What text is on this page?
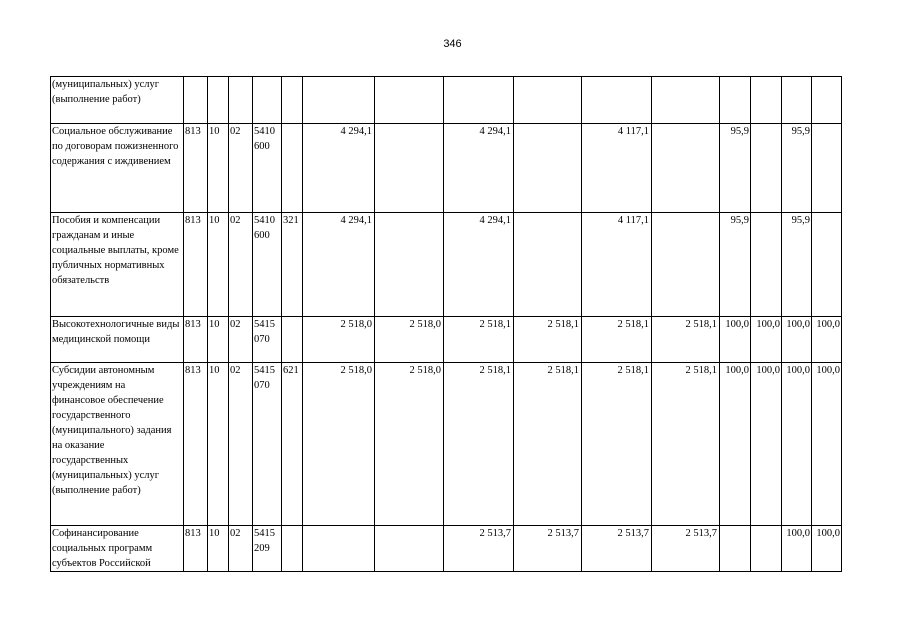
346
(муниципальных) услуг (выполнение работ)															
Социальное обслуживание по договорам пожизненного содержания с иждивением	813	10	02	5410 600		4 294,1		4 294,1		4 117,1		95,9		95,9	
Пособия и компенсации гражданам и иные социальные выплаты, кроме публичных нормативных обязательств	813	10	02	5410 600	321	4 294,1		4 294,1		4 117,1		95,9		95,9	
Высокотехнологичные виды медицинской помощи	813	10	02	5415 070		2 518,0	2 518,0	2 518,1	2 518,1	2 518,1	2 518,1	100,0	100,0	100,0	100,0
Субсидии автономным учреждениям на финансовое обеспечение государственного (муниципального) задания на оказание государственных (муниципальных) услуг (выполнение работ)	813	10	02	5415 070	621	2 518,0	2 518,0	2 518,1	2 518,1	2 518,1	2 518,1	100,0	100,0	100,0	100,0
Софинансирование социальных программ субъектов Российской	813	10	02	5415 209				2 513,7	2 513,7	2 513,7	2 513,7			100,0	100,0
